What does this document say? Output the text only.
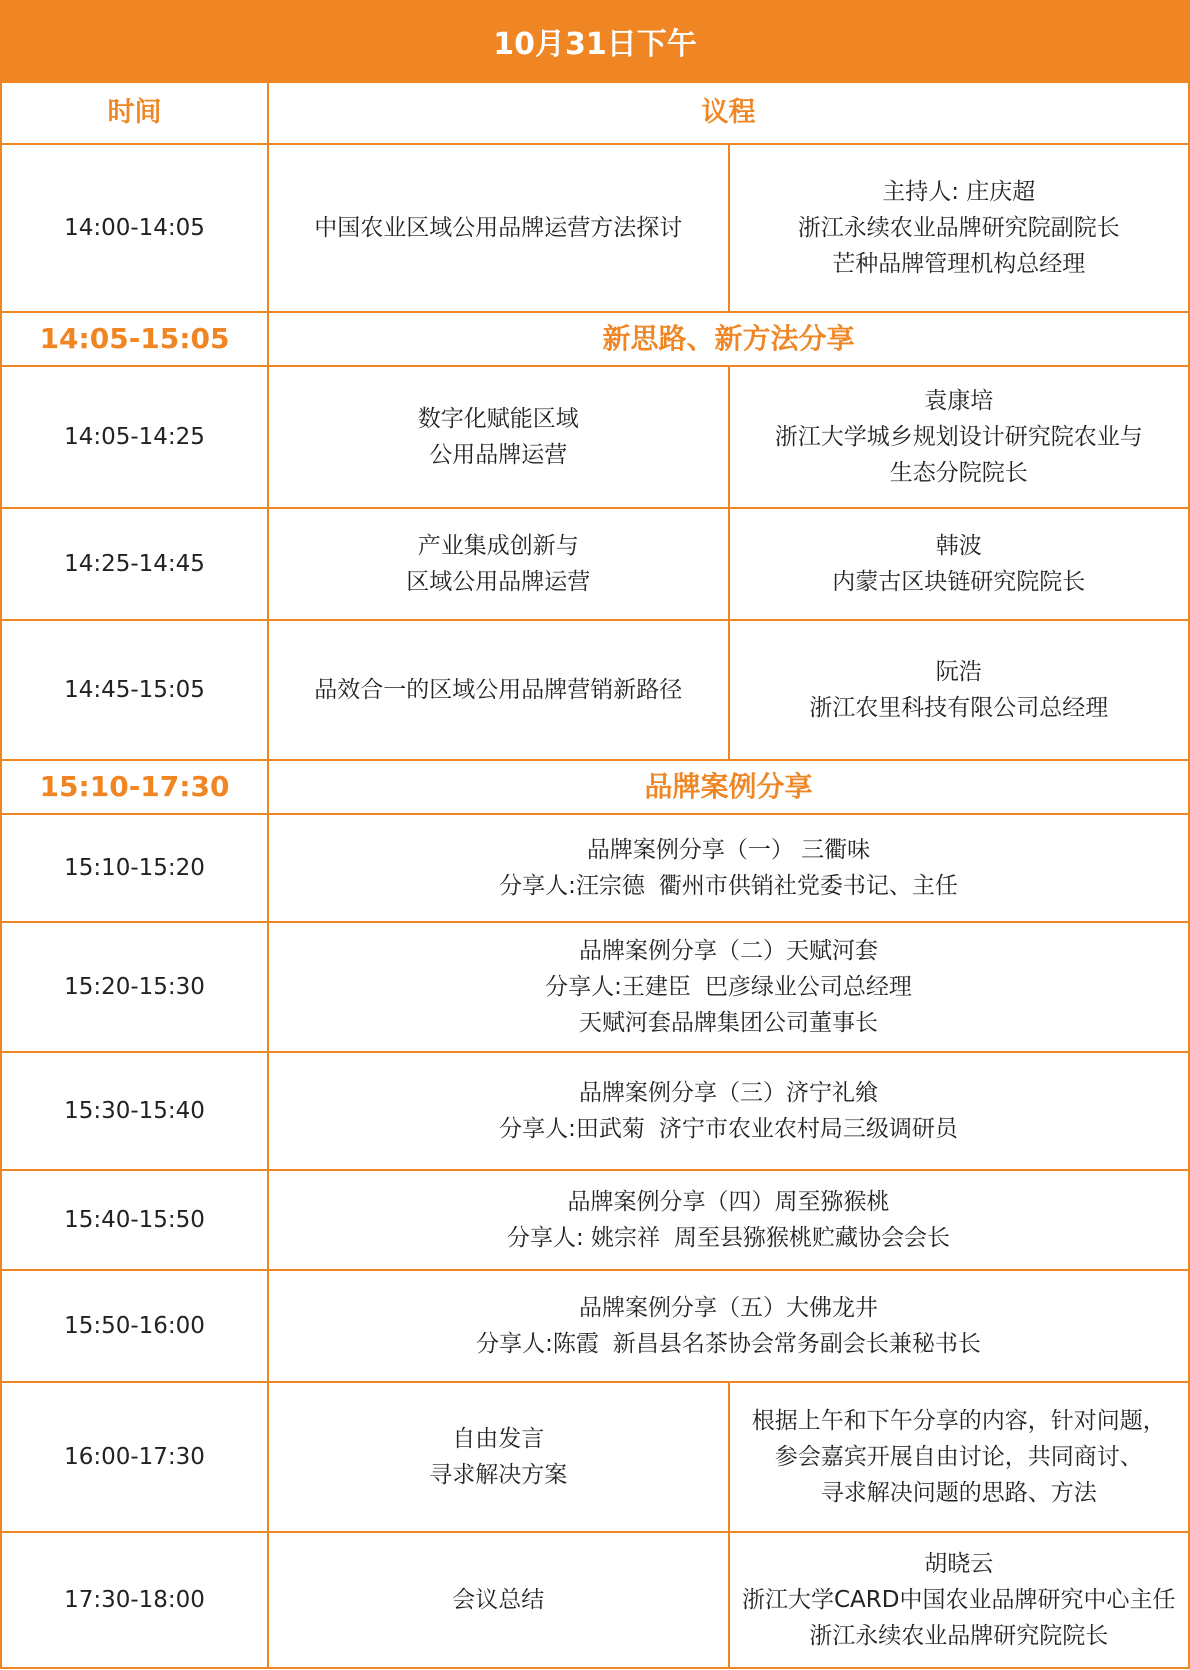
10月31日下午
时间	议程	
14:00-14:05	中国农业区域公用品牌运营方法探讨	主持人: 庄庆超
浙江永续农业品牌研究院副院长
芒种品牌管理机构总经理

14:05-15:05	新思路、新方法分享	
14:05-14:25	数字化赋能区域
公用品牌运营	袁康培
浙江大学城乡规划设计研究院农业与
生态分院院长

14:25-14:45	产业集成创新与
区域公用品牌运营	韩波
内蒙古区块链研究院院长

14:45-15:05	品效合一的区域公用品牌营销新路径	阮浩
浙江农里科技有限公司总经理

15:10-17:30	品牌案例分享	
15:10-15:20	品牌案例分享（一） 三衢味
分享人:汪宗德 衢州市供销社党委书记、主任	

15:20-15:30	品牌案例分享（二）天赋河套
分享人:王建臣 巴彦绿业公司总经理
天赋河套品牌集团公司董事长	

15:30-15:40	品牌案例分享（三）济宁礼飨
分享人:田武菊 济宁市农业农村局三级调研员	

15:40-15:50	品牌案例分享（四）周至猕猴桃
分享人: 姚宗祥 周至县猕猴桃贮藏协会会长	

15:50-16:00	品牌案例分享（五）大佛龙井
分享人:陈霞 新昌县名茶协会常务副会长兼秘书长	

16:00-17:30	自由发言
寻求解决方案	根据上午和下午分享的内容，针对问题，
参会嘉宾开展自由讨论，共同商讨、
寻求解决问题的思路、方法

17:30-18:00	会议总结	胡晓云
浙江大学CARD中国农业品牌研究中心主任
浙江永续农业品牌研究院院长
